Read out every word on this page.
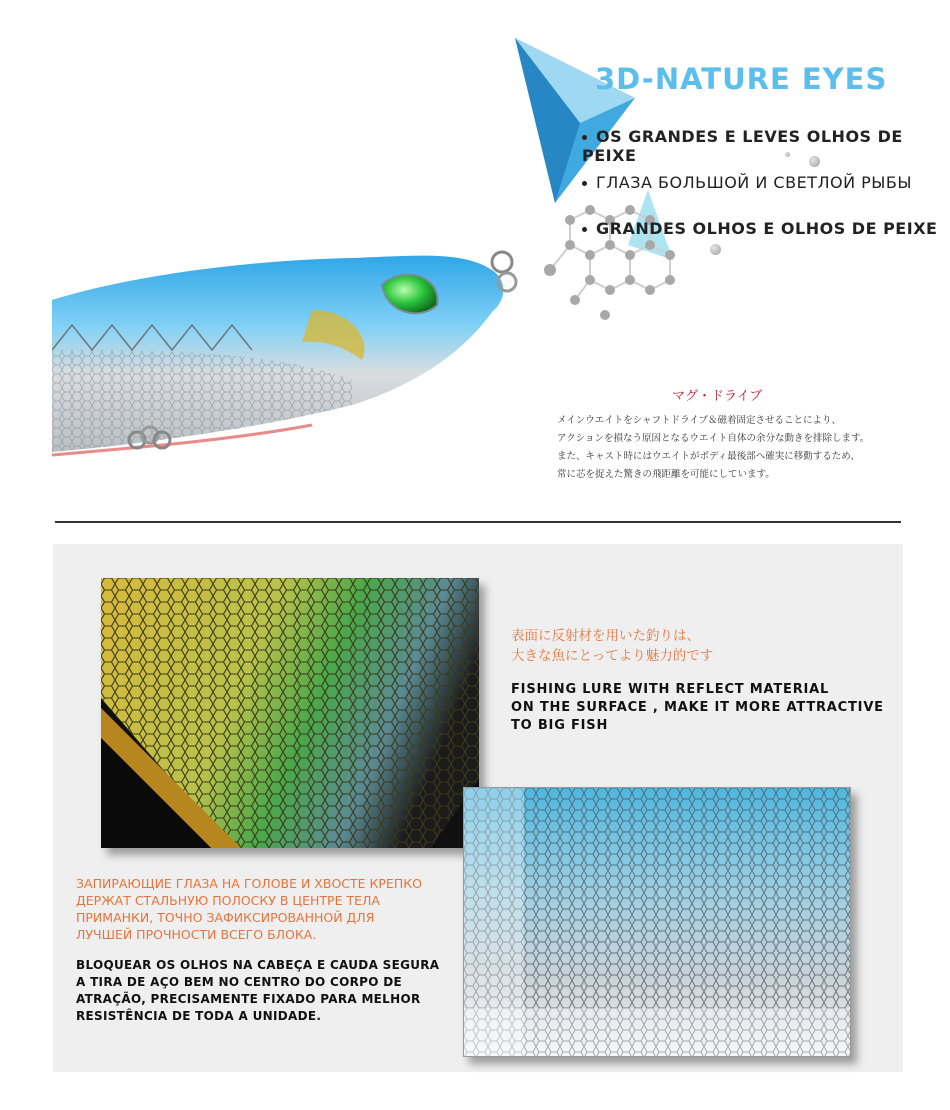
3D-NATURE EYES
OS GRANDES E LEVES OLHOS DE PEIXE
ГЛАЗА БОЛЬШОЙ И СВЕТЛОЙ РЫБЫ
GRANDES OLHOS E OLHOS DE PEIXE
マグ・ドライブ
メインウエイトをシャフトドライブ＆磁着固定させることにより、
アクションを損なう原因となるウエイト自体の余分な動きを排除します。
また、キャスト時にはウエイトがボディ最後部へ確実に移動するため、
常に芯を捉えた驚きの飛距離を可能にしています。
表面に反射材を用いた釣りは、
大きな魚にとってより魅力的です
FISHING LURE WITH REFLECT MATERIAL
ON THE SURFACE , MAKE IT MORE ATTRACTIVE
TO BIG FISH
ЗАПИРАЮЩИЕ ГЛАЗА НА ГОЛОВЕ И ХВОСТЕ КРЕПКО
ДЕРЖАТ СТАЛЬНУЮ ПОЛОСКУ В ЦЕНТРЕ ТЕЛА
ПРИМАНКИ, ТОЧНО ЗАФИКСИРОВАННОЙ ДЛЯ
ЛУЧШЕЙ ПРОЧНОСТИ ВСЕГО БЛОКА.
BLOQUEAR OS OLHOS NA CABEÇA E CAUDA SEGURA
A TIRA DE AÇO BEM NO CENTRO DO CORPO DE
ATRAÇÃO, PRECISAMENTE FIXADO PARA MELHOR
RESISTÊNCIA DE TODA A UNIDADE.
